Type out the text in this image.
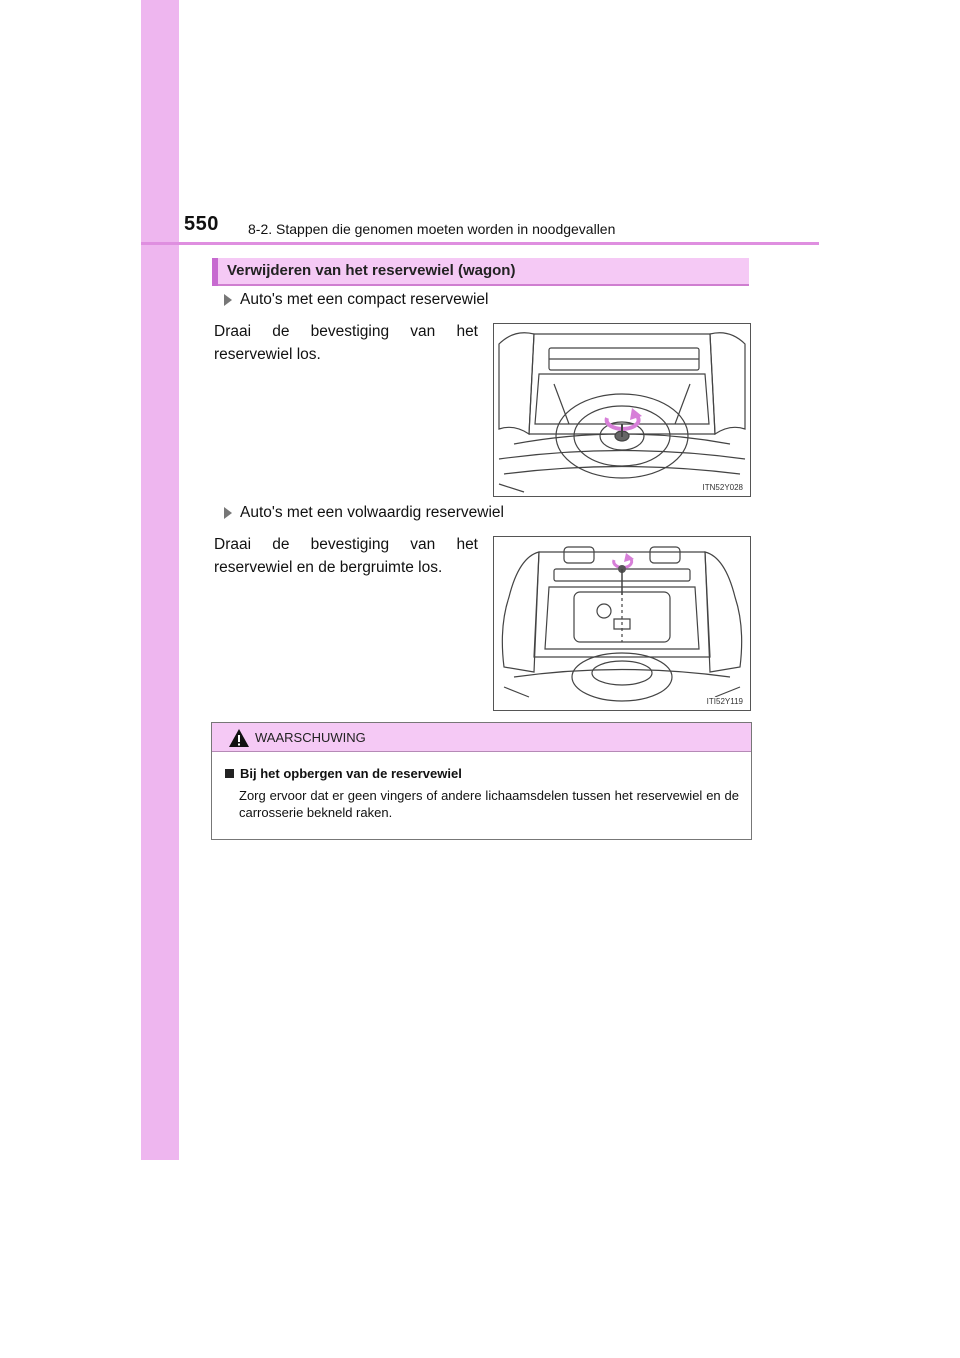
550 8-2. Stappen die genomen moeten worden in noodgevallen
Verwijderen van het reservewiel (wagon)
Auto's met een compact reservewiel
Draai de bevestiging van het reservewiel los.
ITN52Y028
Auto's met een volwaardig reservewiel
Draai de bevestiging van het reservewiel en de bergruimte los.
ITI52Y119
WAARSCHUWING
Bij het opbergen van de reservewiel
Zorg ervoor dat er geen vingers of andere lichaamsdelen tussen het reservewiel en de carrosserie bekneld raken.
